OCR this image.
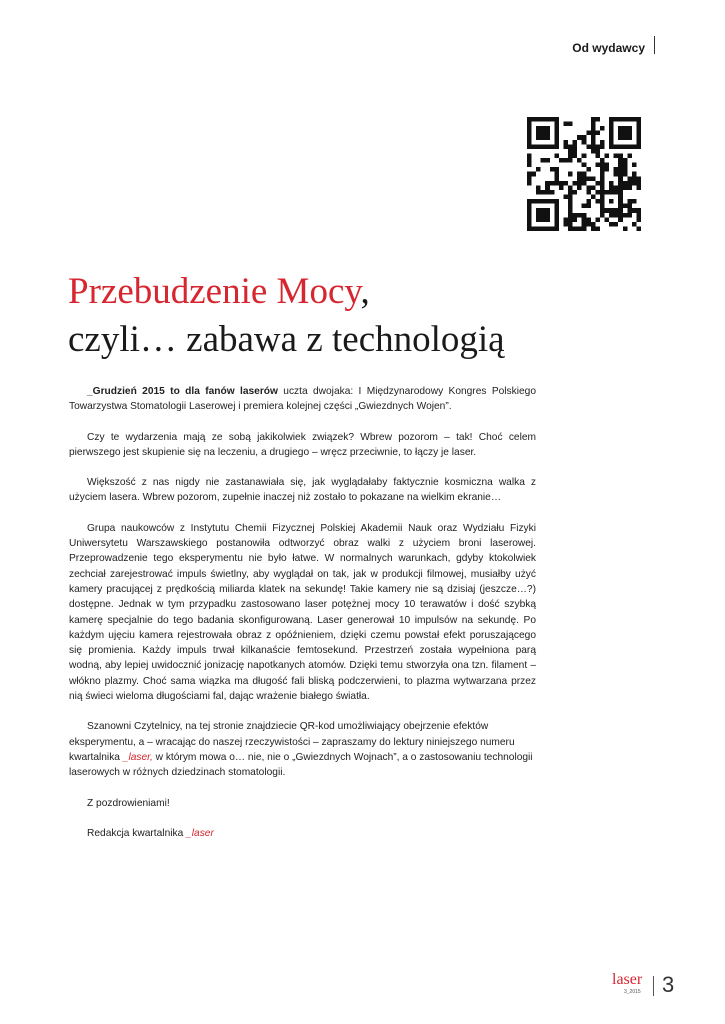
Od wydawcy
Przebudzenie Mocy,
czyli… zabawa z technologią

_Grudzień 2015 to dla fanów laserów uczta dwojaka: I Międzynarodowy Kongres Polskiego Towarzystwa Stomatologii Laserowej i premiera kolejnej części „Gwiezdnych Wojen”.

Czy te wydarzenia mają ze sobą jakikolwiek związek? Wbrew pozorom – tak! Choć celem pierwszego jest skupienie się na leczeniu, a drugiego – wręcz przeciwnie, to łączy je laser.

Większość z nas nigdy nie zastanawiała się, jak wyglądałaby faktycznie kosmiczna walka z użyciem lasera. Wbrew pozorom, zupełnie inaczej niż zostało to pokazane na wielkim ekranie…

Grupa naukowców z Instytutu Chemii Fizycznej Polskiej Akademii Nauk oraz Wydziału Fizyki Uniwersytetu Warszawskiego postanowiła odtworzyć obraz walki z użyciem broni laserowej. Przeprowadzenie tego eksperymentu nie było łatwe. W normalnych warunkach, gdyby ktokolwiek zechciał zarejestrować impuls świetlny, aby wyglądał on tak, jak w produkcji filmowej, musiałby użyć kamery pracującej z prędkością miliarda klatek na sekundę! Takie kamery nie są dzisiaj (jeszcze…?) dostępne. Jednak w tym przypadku zastosowano laser potężnej mocy 10 terawatów i dość szybką kamerę specjalnie do tego badania skonfigurowaną. Laser generował 10 impulsów na sekundę. Po każdym ujęciu kamera rejestrowała obraz z opóźnieniem, dzięki czemu powstał efekt poruszającego się promienia. Każdy impuls trwał kilkanaście femtosekund. Przestrzeń została wypełniona parą wodną, aby lepiej uwidocznić jonizację napotkanych atomów. Dzięki temu stworzyła ona tzn. filament – włókno plazmy. Choć sama wiązka ma długość fali bliską podczerwieni, to plazma wytwarzana przez nią świeci wieloma długościami fal, dając wrażenie białego światła.

Szanowni Czytelnicy, na tej stronie znajdziecie QR-kod umożliwiający obejrzenie efektów eksperymentu, a – wracając do naszej rzeczywistości – zapraszamy do lektury niniejszego numeru kwartalnika _laser, w którym mowa o… nie, nie o „Gwiezdnych Wojnach”, a o zastosowaniu technologii laserowych w różnych dziedzinach stomatologii.

Z pozdrowieniami!

Redakcja kwartalnika _laser

laser
3_2015 3
